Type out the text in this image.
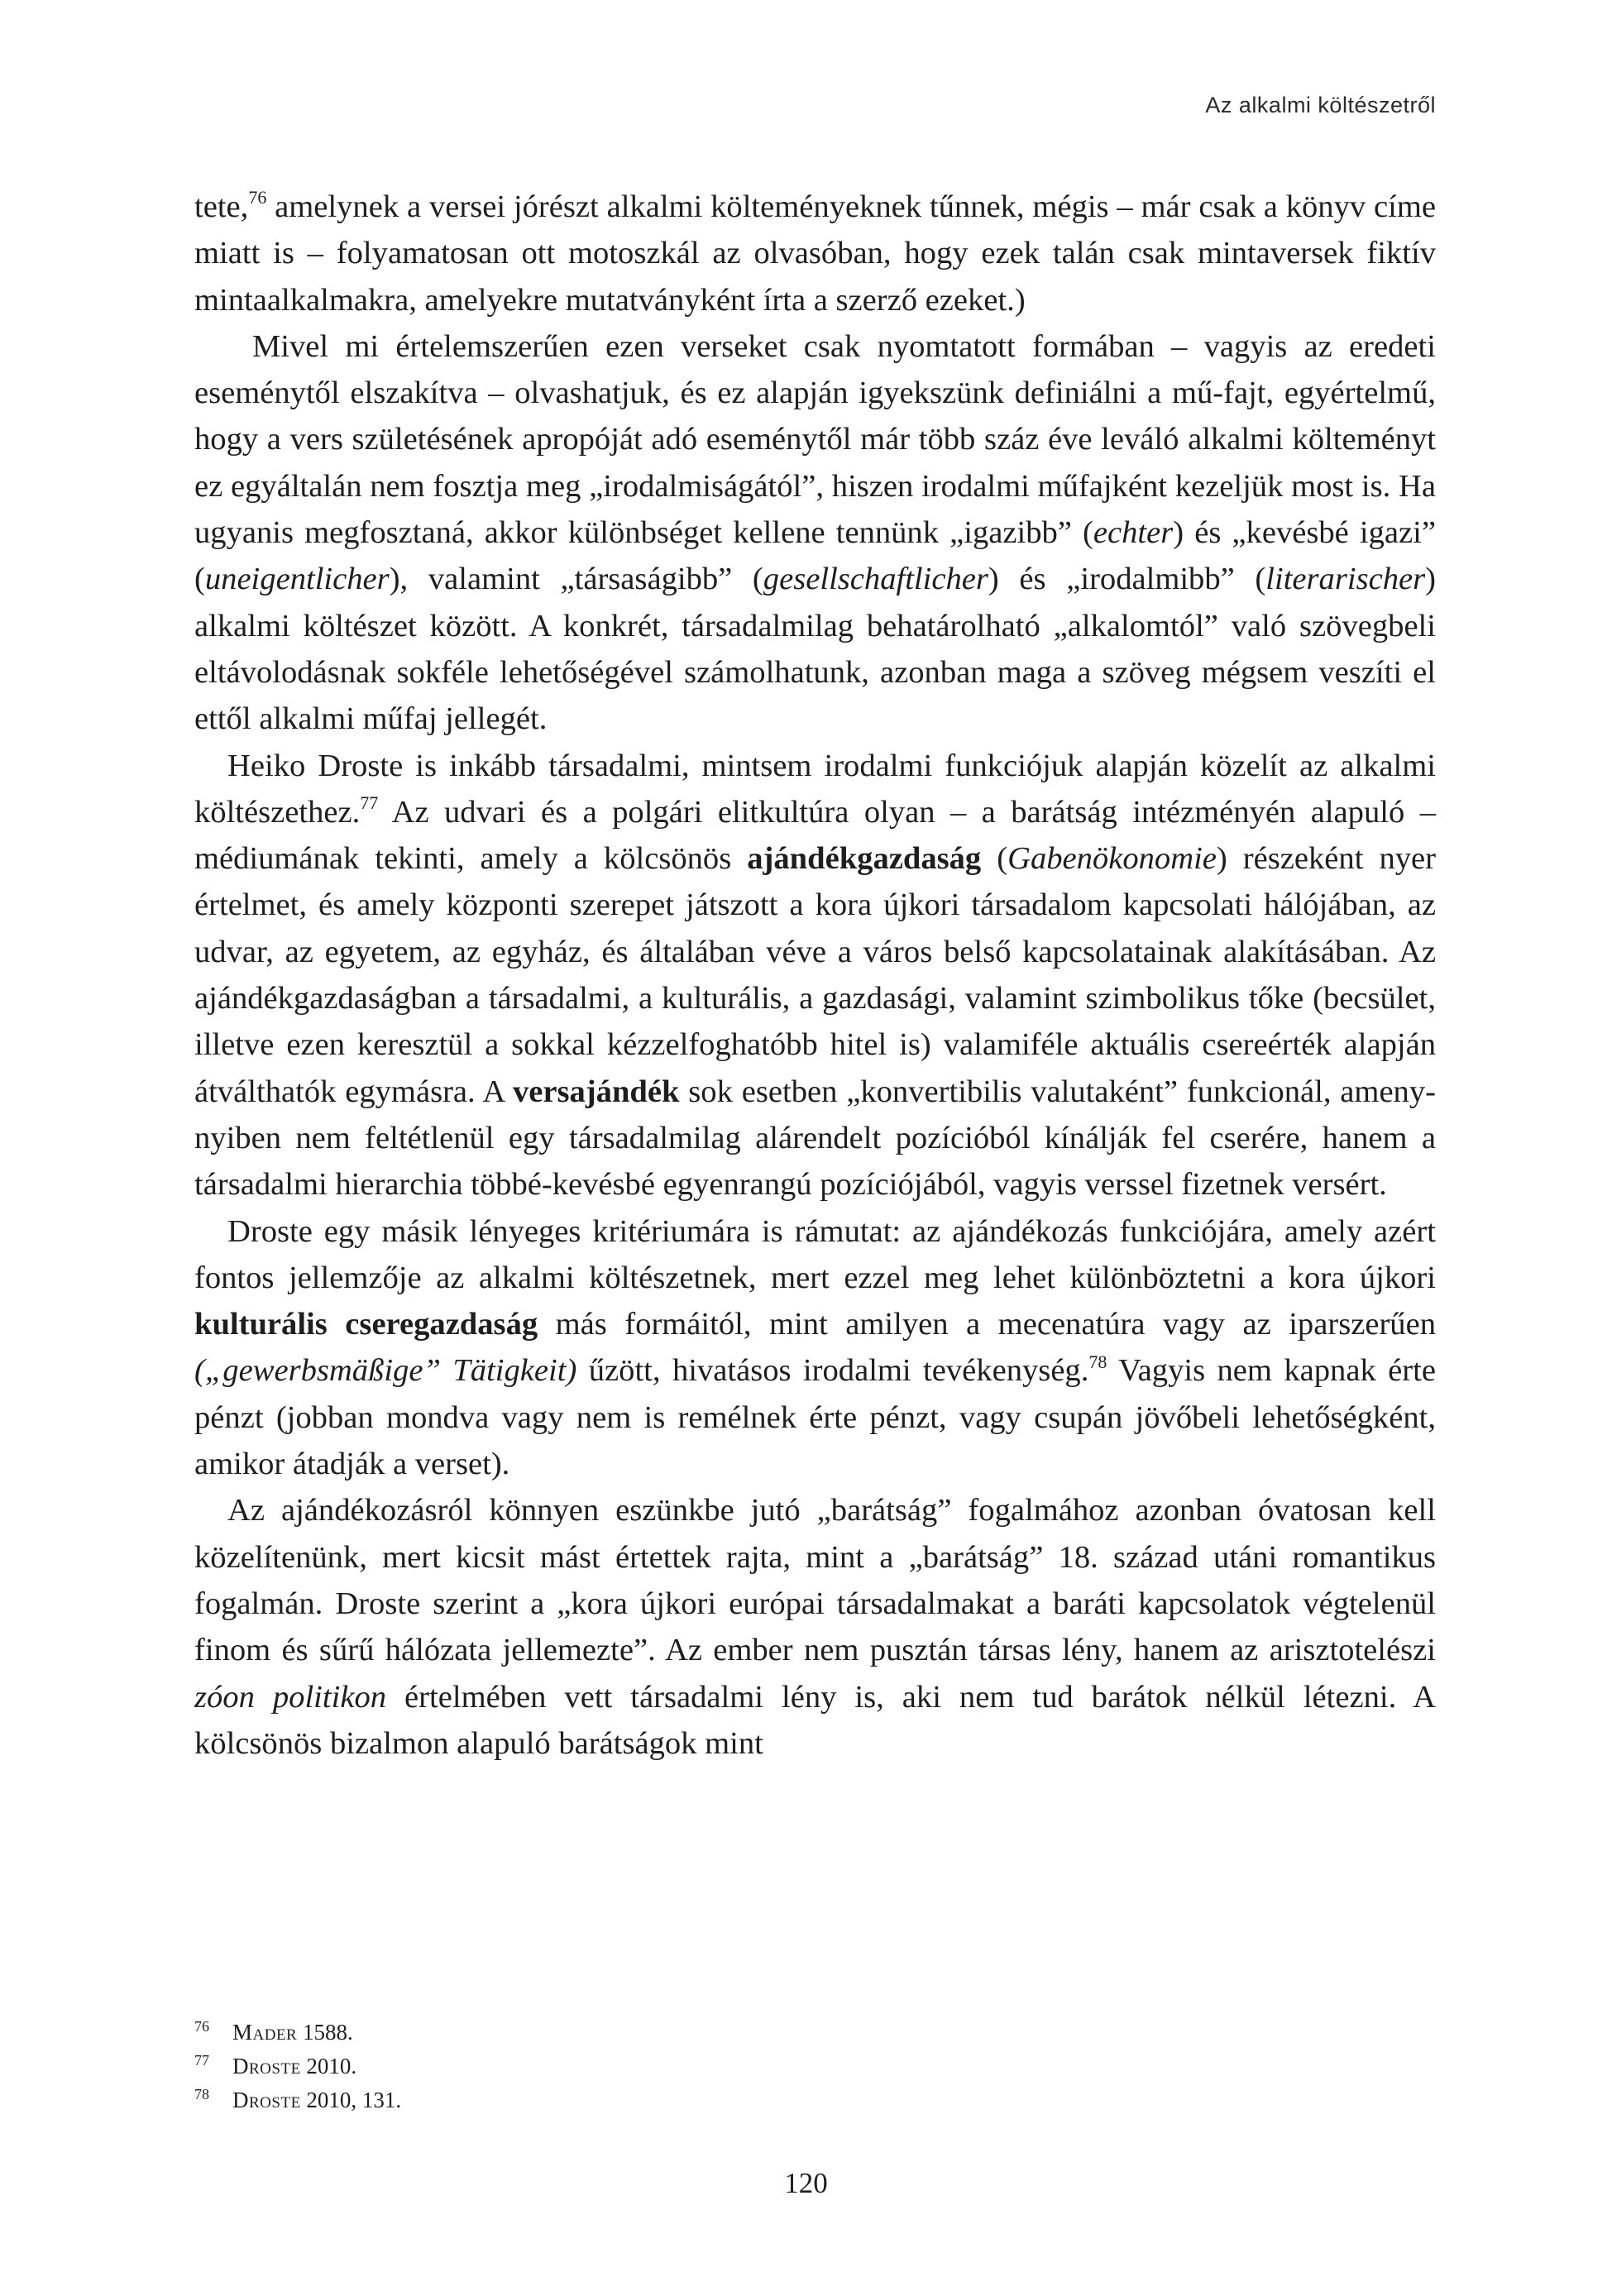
Az alkalmi költészetről

tete,$^{76}$ amelynek a versei jórészt alkalmi költeményeknek tűnnek, mégis – már csak a könyv címe miatt is – folyamatosan ott motoszkál az olvasóban, hogy ezek talán csak mintaversek fiktív mintaalkalmakra, amelyekre mutatványként írta a szerző ezeket.)

Mivel mi értelemszerűen ezen verseket csak nyomtatott formában – vagyis az eredeti eseménytől elszakítva – olvashatjuk, és ez alapján igyekszünk definiálni a mű-fajt, egyértelmű, hogy a vers születésének apropóját adó eseménytől már több száz éve leváló alkalmi költeményt ez egyáltalán nem fosztja meg „irodalmiságától”, hiszen irodalmi műfajként kezeljük most is. Ha ugyanis megfosztaná, akkor különbséget kellene tennünk „igazibb” (echter) és „kevésbé igazi” (uneigentlicher), valamint „társaságibb” (gesellschaftlicher) és „irodalmibb” (literarischer) alkalmi költészet között. A konkrét, társadalmilag behatárolható „alkalomtól” való szövegbeli eltávolodásnak sokféle lehetőségével számolhatunk, azonban maga a szöveg mégsem veszíti el ettől alkalmi műfaj jellegét.

Heiko Droste is inkább társadalmi, mintsem irodalmi funkciójuk alapján közelít az alkalmi költészethez.$^{77}$ Az udvari és a polgári elitkultúra olyan – a barátság intézményén alapuló – médiumának tekinti, amely a kölcsönös ajándékgazdaság (Gabenökonomie) részeként nyer értelmet, és amely központi szerepet játszott a kora újkori társadalom kapcsolati hálójában, az udvar, az egyetem, az egyház, és általában véve a város belső kapcsolatainak alakításában. Az ajándékgazdaságban a társadalmi, a kulturális, a gazdasági, valamint szimbolikus tőke (becsület, illetve ezen keresztül a sokkal kézzelfoghatóbb hitel is) valamiféle aktuális csereérték alapján átválthatók egymásra. A versajándék sok esetben „konvertibilis valutaként” funkcionál, amenynyiben nem feltétlenül egy társadalmilag alárendelt pozícióból kínálják fel cserére, hanem a társadalmi hierarchia többé-kevésbé egyenrangú pozíciójából, vagyis verssel fizetnek versért.

Droste egy másik lényeges kritériumára is rámutat: az ajándékozás funkciójára, amely azért fontos jellemzője az alkalmi költészetnek, mert ezzel meg lehet különböztetni a kora újkori kulturális cseregazdaság más formáitól, mint amilyen a mecenatúra vagy az iparszerűen („gewerbsmäßige” Tätigkeit) űzött, hivatásos irodalmi tevékenység.$^{78}$ Vagyis nem kapnak érte pénzt (jobban mondva vagy nem is remélnek érte pénzt, vagy csupán jövőbeli lehetőségként, amikor átadják a verset).

Az ajándékozásról könnyen eszünkbe jutó „barátság” fogalmához azonban óvatosan kell közelítenünk, mert kicsit mást értettek rajta, mint a „barátság” 18. század utáni romantikus fogalmán. Droste szerint a „kora újkori európai társadalmakat a baráti kapcsolatok végtelenül finom és sűrű hálózata jellemezte”. Az ember nem pusztán társas lény, hanem az arisztotelészi zóon politikon értelmében vett társadalmi lény is, aki nem tud barátok nélkül létezni. A kölcsönös bizalmon alapuló barátságok mint

76	Mader 1588.
77	Droste 2010.
78	Droste 2010, 131.
120
